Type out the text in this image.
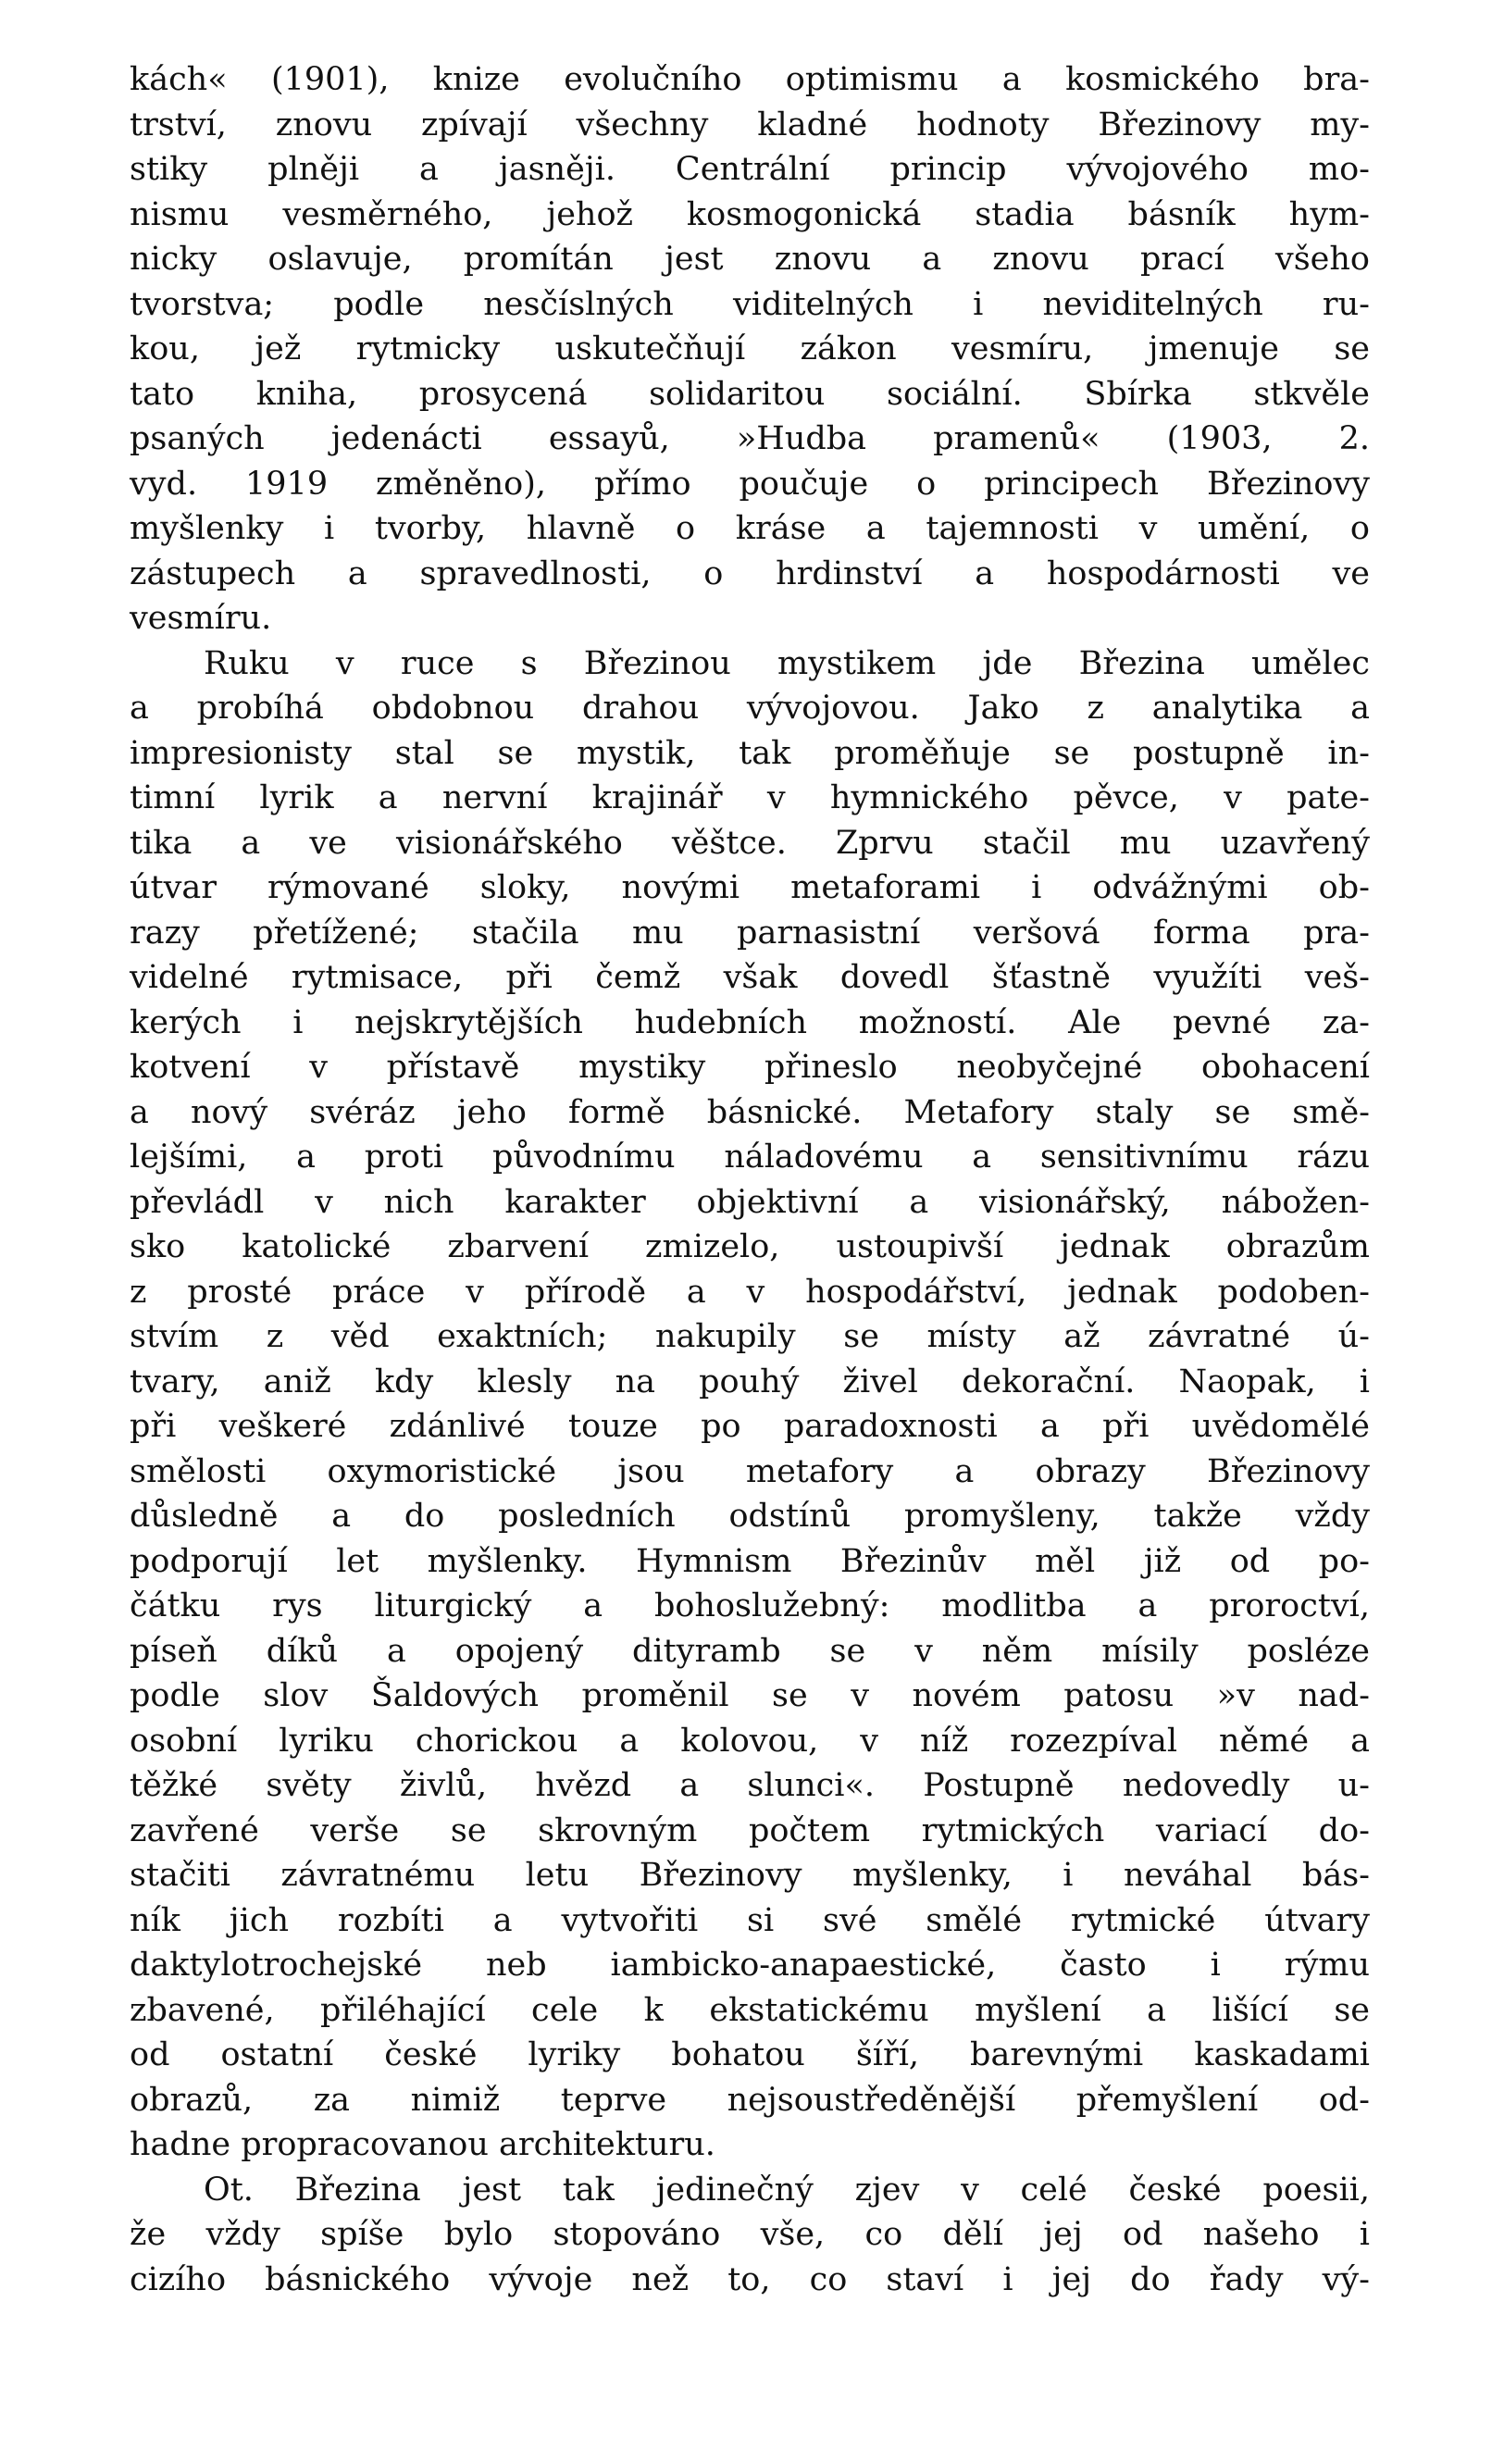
kách« (1901), knize evolučního optimismu a kosmického bra-
trství, znovu zpívají všechny kladné hodnoty Březinovy my-
stiky plněji a jasněji. Centrální princip vývojového mo-
nismu vesměrného, jehož kosmogonická stadia básník hym-
nicky oslavuje, promítán jest znovu a znovu prací všeho
tvorstva; podle nesčíslných viditelných i neviditelných ru-
kou, jež rytmicky uskutečňují zákon vesmíru, jmenuje se
tato kniha, prosycená solidaritou sociální. Sbírka stkvěle
psaných jedenácti essayů, »Hudba pramenů« (1903, 2.
vyd. 1919 změněno), přímo poučuje o principech Březinovy
myšlenky i tvorby, hlavně o kráse a tajemnosti v umění, o
zástupech a spravedlnosti, o hrdinství a hospodárnosti ve
vesmíru.
Ruku v ruce s Březinou mystikem jde Březina umělec
a probíhá obdobnou drahou vývojovou. Jako z analytika a
impresionisty stal se mystik, tak proměňuje se postupně in-
timní lyrik a nervní krajinář v hymnického pěvce, v pate-
tika a ve visionářského věštce. Zprvu stačil mu uzavřený
útvar rýmované sloky, novými metaforami i odvážnými ob-
razy přetížené; stačila mu parnasistní veršová forma pra-
videlné rytmisace, při čemž však dovedl šťastně využíti veš-
kerých i nejskrytějších hudebních možností. Ale pevné za-
kotvení v přístavě mystiky přineslo neobyčejné obohacení
a nový svéráz jeho formě básnické. Metafory staly se smě-
lejšími, a proti původnímu náladovému a sensitivnímu rázu
převládl v nich karakter objektivní a visionářský, nábožen-
sko katolické zbarvení zmizelo, ustoupivší jednak obrazům
z prosté práce v přírodě a v hospodářství, jednak podoben-
stvím z věd exaktních; nakupily se místy až závratné ú-
tvary, aniž kdy klesly na pouhý živel dekorační. Naopak, i
při veškeré zdánlivé touze po paradoxnosti a při uvědomělé
smělosti oxymoristické jsou metafory a obrazy Březinovy
důsledně a do posledních odstínů promyšleny, takže vždy
podporují let myšlenky. Hymnism Březinův měl již od po-
čátku rys liturgický a bohoslužebný: modlitba a proroctví,
píseň díků a opojený dityramb se v něm mísily posléze
podle slov Šaldových proměnil se v novém patosu »v nad-
osobní lyriku chorickou a kolovou, v níž rozezpíval němé a
těžké světy živlů, hvězd a slunci«. Postupně nedovedly u-
zavřené verše se skrovným počtem rytmických variací do-
stačiti závratnému letu Březinovy myšlenky, i neváhal bás-
ník jich rozbíti a vytvořiti si své smělé rytmické útvary
daktylotrochejské neb iambicko-anapaestické, často i rýmu
zbavené, přiléhající cele k ekstatickému myšlení a lišící se
od ostatní české lyriky bohatou šíří, barevnými kaskadami
obrazů, za nimiž teprve nejsoustředěnější přemyšlení od-
hadne propracovanou architekturu.
Ot. Březina jest tak jedinečný zjev v celé české poesii,
že vždy spíše bylo stopováno vše, co dělí jej od našeho i
cizího básnického vývoje než to, co staví i jej do řady vý-
